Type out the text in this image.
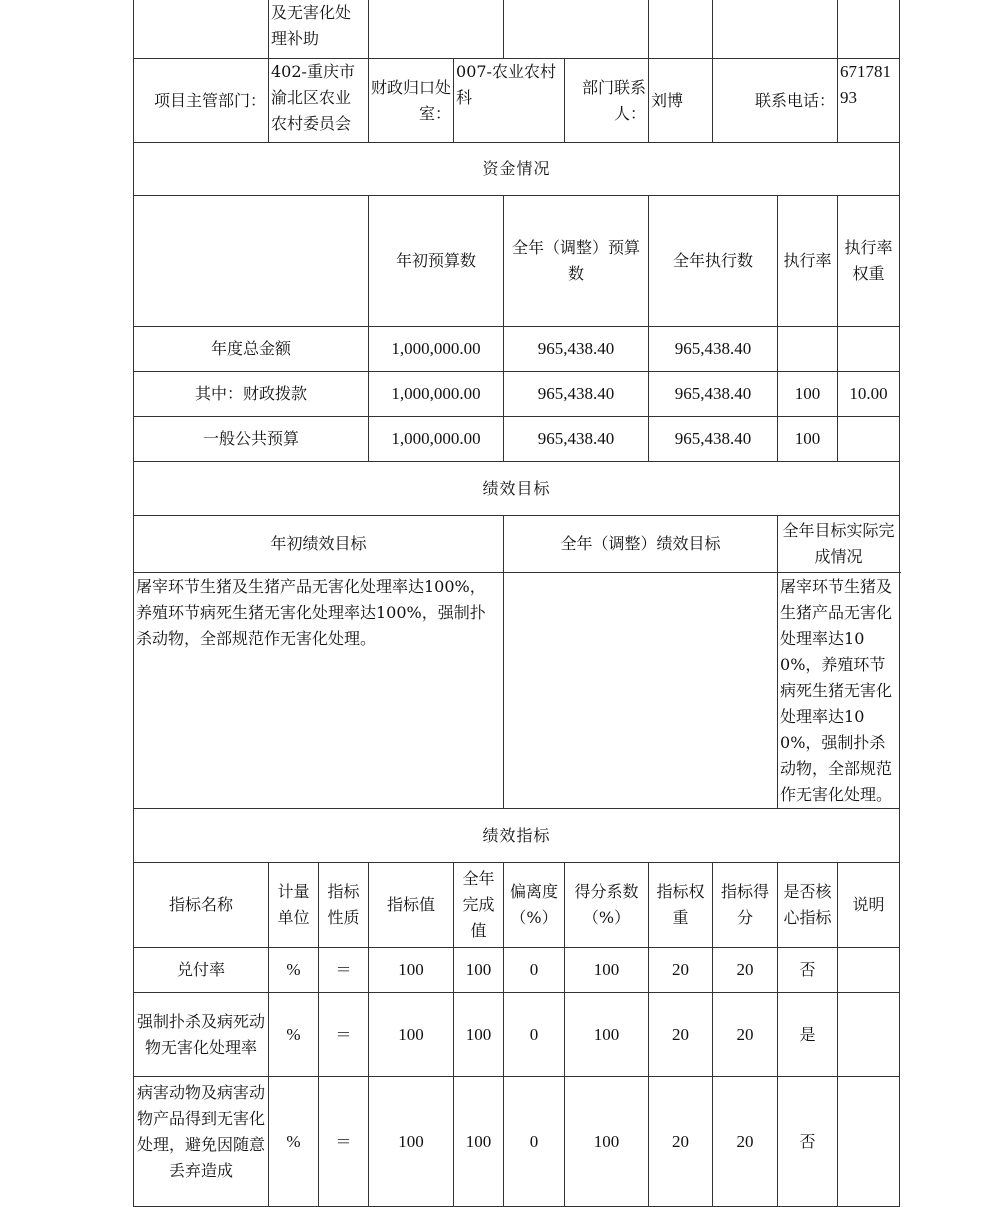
	及无害化处理补助										
项目主管部门：	402-重庆市渝北区农业农村委员会		财政归口处室：	007-农业农村科		部门联系人：	刘博	联系电话：		67178193	
资金情况											
			年初预算数		全年（调整）预算数		全年执行数		执行率	执行率权重	
年度总金额			1,000,000.00		965,438.40		965,438.40				
其中：财政拨款			1,000,000.00		965,438.40		965,438.40		100	10.00	
一般公共预算			1,000,000.00		965,438.40		965,438.40		100		
绩效目标											
年初绩效目标					全年（调整）绩效目标				全年目标实际完成情况		
屠宰环节生猪及生猪产品无害化处理率达100%，养殖环节病死生猪无害化处理率达100%，强制扑杀动物，全部规范作无害化处理。									屠宰环节生猪及生猪产品无害化处理率达100%，养殖环节病死生猪无害化处理率达100%，强制扑杀动物，全部规范作无害化处理。		
绩效指标											
指标名称	计量单位	指标性质	指标值	全年完成值	偏离度（%）	得分系数（%）	指标权重	指标得分	是否核心指标	说明	
兑付率	%	＝	100	100	0	100	20	20	否		
强制扑杀及病死动物无害化处理率	%	＝	100	100	0	100	20	20	是		
病害动物及病害动物产品得到无害化处理，避免因随意丢弃造成	%	＝	100	100	0	100	20	20	否		
